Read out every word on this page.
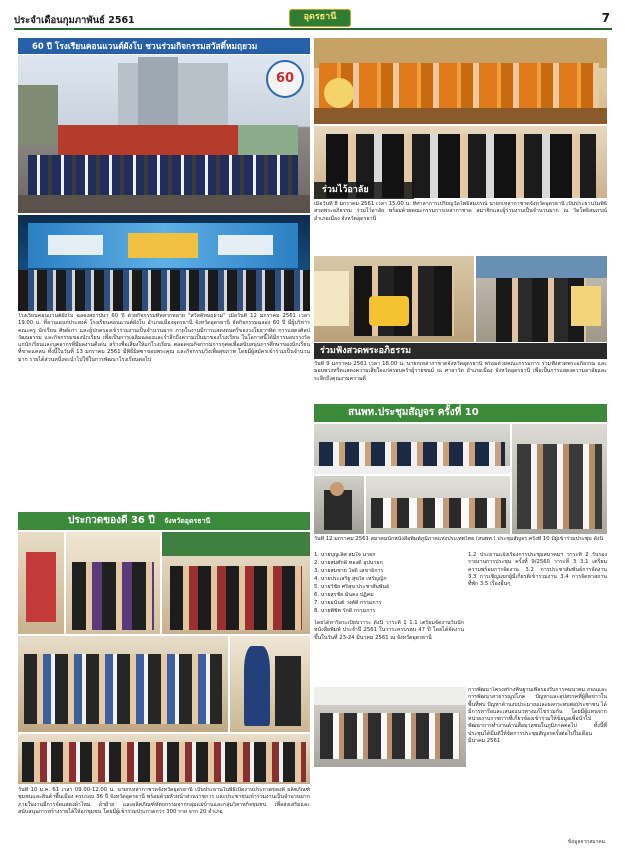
ประจำเดือนกุมภาพันธ์ 2561	อุดรธานี	7
60 ปี โรงเรียนคอนแวนต์ผังโบ ชวนร่วมกิจกรรมสวัสดิ์หมฤยวม
60
โรงเรียนคอนแวนต์ผังโบ ฉลองสถาปนา 60 ปี ด้วยกิจกรรมที่หลากหลาย "สวัสดิ์หมฤยวม" เมื่อวันที่ 12 มกราคม 2561 เวลา 19.00 น. ที่ลานเอนกประสงค์ โรงเรียนคอนแวนต์ผังโบ อำเภอเมืองอุดรธานี จังหวัดอุดรธานี จัดกิจกรรมฉลอง 60 ปี มีผู้บริหาร คณะครู นักเรียน ศิษย์เก่า และผู้ปกครองเข้าร่วมงานเป็นจำนวนมาก ภายในงานมีการแสดงดนตรีของวงโยธวาทิต การแสดงศิลปวัฒนธรรม และกิจกรรมของนักเรียน เพื่อเป็นการเฉลิมฉลองและรำลึกถึงความเป็นมาของโรงเรียน ในโอกาสนี้ได้มีการมอบรางวัลแก่นักเรียนและบุคลากรที่มีผลงานดีเด่น สร้างชื่อเสียงให้แก่โรงเรียน ตลอดจนกิจกรรมการกุศลเพื่อสนับสนุนการศึกษาของนักเรียนที่ขาดแคลน ทั้งนี้ในวันที่ 13 มกราคม 2561 มีพิธีมิสซาขอบพระคุณ และกิจกรรมวิ่งเพื่อสุขภาพ โดยมีผู้สมัครเข้าร่วมเป็นจำนวนมาก รายได้ส่วนหนึ่งจะนำไปใช้ในการพัฒนาโรงเรียนต่อไป
ร่วมไว้อาลัย
เมื่อวันที่ 8 มกราคม 2561 เวลา 15.00 น. ที่ศาลาการเปรียญวัดโพธิสมภรณ์ นายกเหล่ากาชาดจังหวัดอุดรธานี เป็นประธานในพิธีสวดพระอภิธรรม ร่วมไว้อาลัย พร้อมด้วยคณะกรรมการเหล่ากาชาด สมาชิกและผู้ร่วมงานเป็นจำนวนมาก ณ วัดโพธิสมภรณ์ อำเภอเมือง จังหวัดอุดรธานี
ร่วมฟังสวดพระอภิธรรม
วันที่ 9 มกราคม 2561 เวลา 18.00 น. นายกเหล่ากาชาดจังหวัดอุดรธานี พร้อมด้วยคณะกรรมการ ร่วมฟังสวดพระอภิธรรม และมอบพวงหรีดแสดงความเสียใจแก่ครอบครัวผู้วายชนม์ ณ ศาลาวัด อำเภอเมือง จังหวัดอุดรธานี เพื่อเป็นการแสดงความอาลัยและระลึกถึงคุณงามความดี
สนพท.ประชุมสัญจร ครั้งที่ 10
วันที่ 12 มกราคม 2561 สมาคมนักหนังสือพิมพ์ภูมิภาคแห่งประเทศไทย (สนพท.) ประชุมสัญจร ครั้งที่ 10 มีผู้เข้าร่วมประชุม ดังนี้
1. นายบุญเลิศ สมใจ นายก
2. นายสมศักดิ์ ทองดี อุปนายก
3. นายสมชาย ใจดี เลขาธิการ
4. นายประเสริฐ สุขใจ เหรัญญิก
5. นายวิชัย ศรีสุข ประชาสัมพันธ์
6. นายสุรชัย มั่นคง ปฏิคม
7. นายอนันต์ วงศ์ดี กรรมการ
8. นายพิชิต รักดี กรรมการ
โดยได้หารือระเบียบวาระ ดังนี้ วาระที่ 1 1.1 เตรียมจัดงานวันนักหนังสือพิมพ์ ประจำปี 2561 ในวาระครบรอบ 47 ปี โดยได้จัดงานขึ้นในวันที่ 23-24 มีนาคม 2561 ณ จังหวัดอุดรธานี
1.2 ประธานแจ้งเรื่องการประชุมสมาคมฯ วาระที่ 2 รับรองรายงานการประชุม ครั้งที่ 9/2560 วาระที่ 3 3.1 เตรียมความพร้อมการจัดงาน 3.2 การประชาสัมพันธ์การจัดงาน 3.3 การเชิญแขกผู้มีเกียรติเข้าร่วมงาน 3.4 การจัดหาสถานที่พัก 3.5 เรื่องอื่นๆ
การพัฒนาโครงสร้างพื้นฐานเพื่อรองรับการคมนาคม ถนนและการพัฒนาสาธารณูปโภค ปัญหาและอุปสรรคที่ผู้สื่อข่าวในพื้นที่พบ ปัญหาด้านงบประมาณและผลกระทบต่อประชาชน ได้มีการหารือและเสนอแนวทางแก้ไขร่วมกัน โดยมีผู้แทนจากหน่วยงานราชการที่เกี่ยวข้องเข้าร่วมให้ข้อมูลเพื่อนำไปพัฒนาการทำงานด้านสื่อมวลชนในภูมิภาคต่อไป ทั้งนี้ที่ประชุมได้มีมติให้จัดการประชุมสัญจรครั้งต่อไปในเดือนมีนาคม 2561
ข้อมูลจากสมาคม
ประกวดของดี 36 ปี จังหวัดอุดรธานี
วันที่ 10 ม.ค. 61 เวลา 09.00-12.00 น. นายกเหล่ากาชาดจังหวัดอุดรธานี เป็นประธานในพิธีเปิดงานประกวดของดี ผลิตภัณฑ์ชุมชนและสินค้าพื้นเมือง ครบรอบ 36 ปี จังหวัดอุดรธานี พร้อมด้วยหัวหน้าส่วนราชการ และประชาชนเข้าร่วมงานเป็นจำนวนมาก ภายในงานมีการจัดแสดงผ้าไหม ผ้าฝ้าย และผลิตภัณฑ์หัตถกรรมจากกลุ่มแม่บ้านและกลุ่มวิสาหกิจชุมชน เพื่อส่งเสริมและสนับสนุนการสร้างรายได้ให้แก่ชุมชน โดยมีผู้เข้าร่วมประกวดกว่า 300 ราย จาก 20 อำเภอ
